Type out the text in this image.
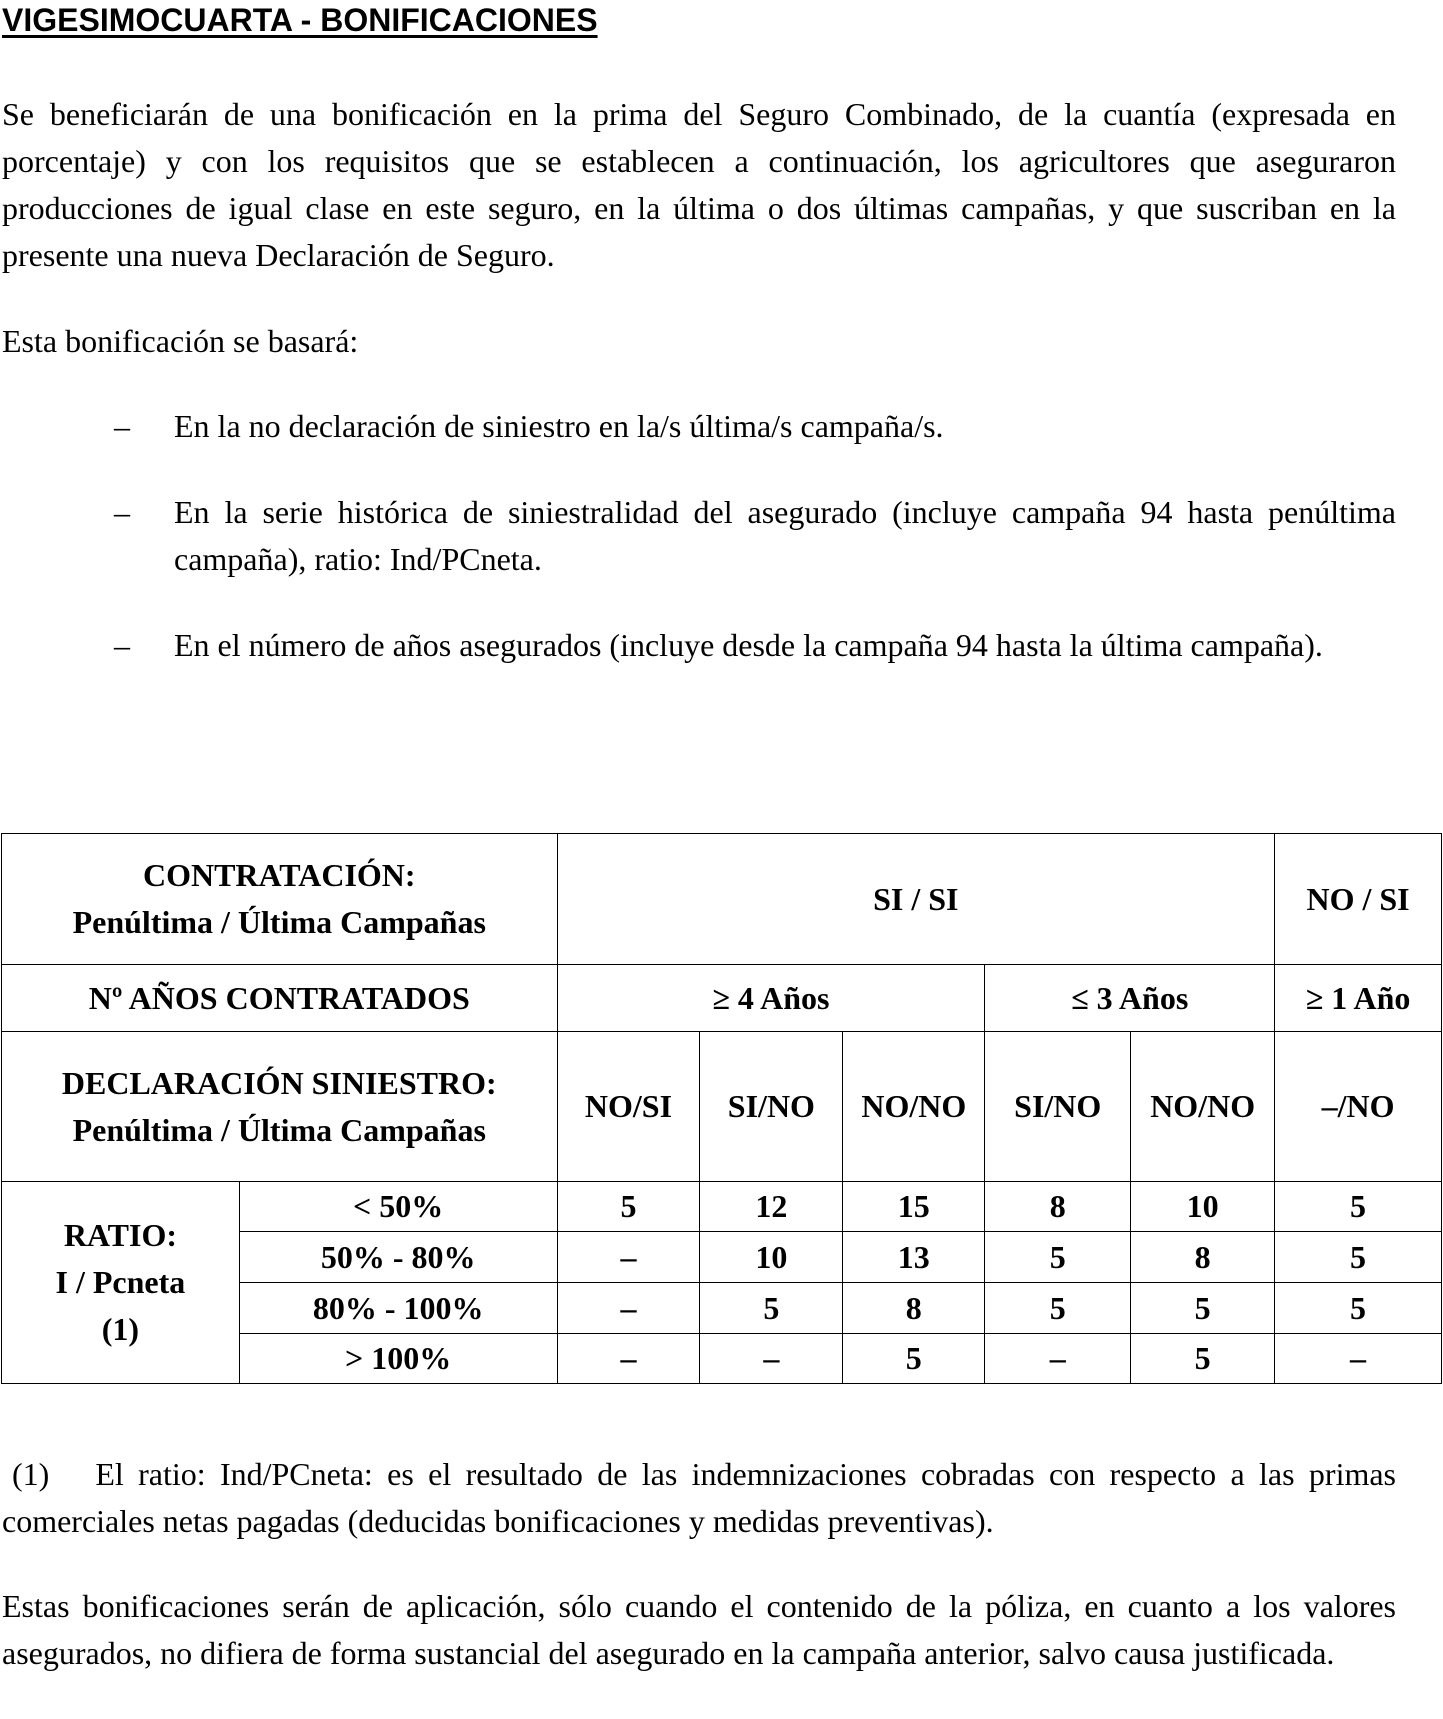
VIGESIMOCUARTA - BONIFICACIONES

Se beneficiarán de una bonificación en la prima del Seguro Combinado, de la cuantía (expresada en porcentaje) y con los requisitos que se establecen a continuación, los agricultores que aseguraron producciones de igual clase en este seguro, en la última o dos últimas campañas, y que suscriban en la presente una nueva Declaración de Seguro.

Esta bonificación se basará:

– En la no declaración de siniestro en la/s última/s campaña/s.
– En la serie histórica de siniestralidad del asegurado (incluye campaña 94 hasta penúltima campaña), ratio: Ind/PCneta.
– En el número de años asegurados (incluye desde la campaña 94 hasta la última campaña).
CONTRATACIÓN:
Penúltima / Última Campañas		SI / SI					NO / SI
Nº AÑOS CONTRATADOS		≥ 4 Años			≤ 3 Años		≥ 1 Año
DECLARACIÓN SINIESTRO:
Penúltima / Última Campañas		NO/SI	SI/NO	NO/NO	SI/NO	NO/NO	–/NO
RATIO:
I / Pcneta
(1)	< 50%	5	12	15	8	10	5
	50% - 80%	–	10	13	5	8	5
	80% - 100%	–	5	8	5	5	5
	> 100%	–	–	5	–	5	–

(1) El ratio: Ind/PCneta: es el resultado de las indemnizaciones cobradas con respecto a las primas comerciales netas pagadas (deducidas bonificaciones y medidas preventivas).

Estas bonificaciones serán de aplicación, sólo cuando el contenido de la póliza, en cuanto a los valores asegurados, no difiera de forma sustancial del asegurado en la campaña anterior, salvo causa justificada.
